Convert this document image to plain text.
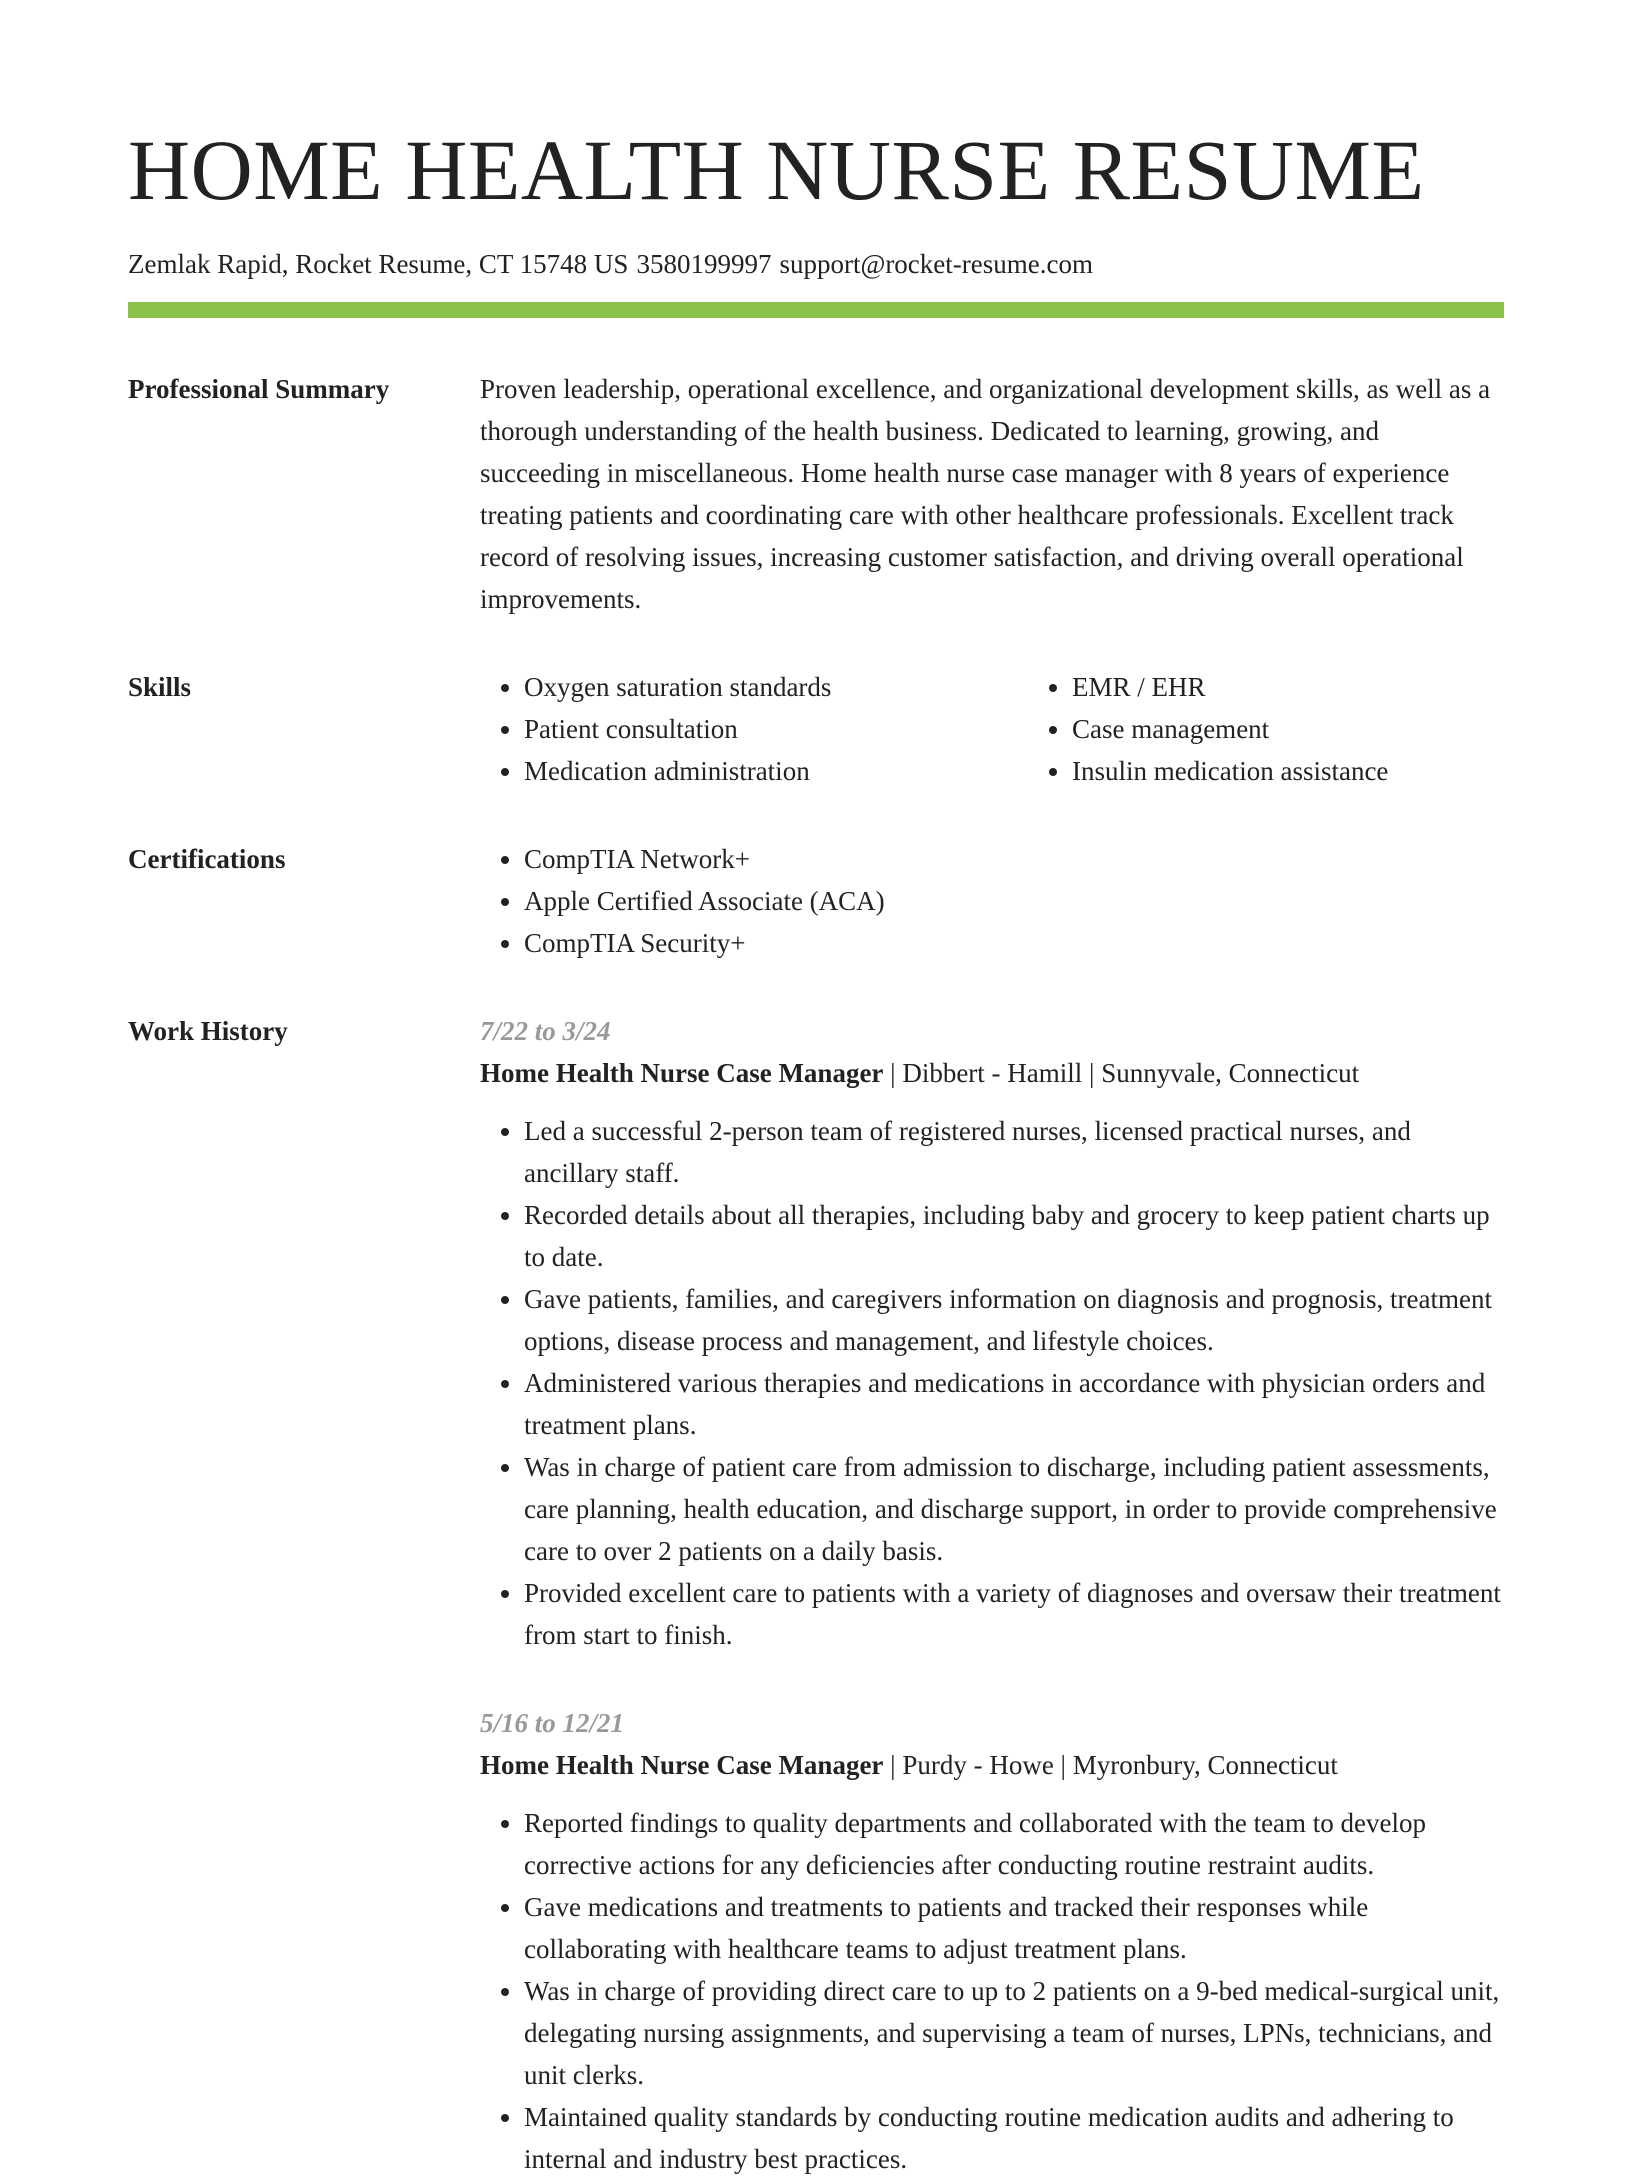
HOME HEALTH NURSE RESUME
Zemlak Rapid, Rocket Resume, CT 15748 US 3580199997 support@rocket-resume.com
Professional Summary	Proven leadership, operational excellence, and organizational development skills, as well as a thorough understanding of the health business. Dedicated to learning, growing, and succeeding in miscellaneous. Home health nurse case manager with 8 years of experience treating patients and coordinating care with other healthcare professionals. Excellent track record of resolving issues, increasing customer satisfaction, and driving overall operational improvements.

Skills	• Oxygen saturation standards
• Patient consultation
• Medication administration
• EMR / EHR
• Case management
• Insulin medication assistance
Certifications	• CompTIA Network+
• Apple Certified Associate (ACA)
• CompTIA Security+
Work History	7/22 to 3/24
Home Health Nurse Case Manager | Dibbert - Hamill | Sunnyvale, Connecticut
• Led a successful 2-person team of registered nurses, licensed practical nurses, and ancillary staff.
• Recorded details about all therapies, including baby and grocery to keep patient charts up to date.
• Gave patients, families, and caregivers information on diagnosis and prognosis, treatment options, disease process and management, and lifestyle choices.
• Administered various therapies and medications in accordance with physician orders and treatment plans.
• Was in charge of patient care from admission to discharge, including patient assessments, care planning, health education, and discharge support, in order to provide comprehensive care to over 2 patients on a daily basis.
• Provided excellent care to patients with a variety of diagnoses and oversaw their treatment from start to finish.
5/16 to 12/21
Home Health Nurse Case Manager | Purdy - Howe | Myronbury, Connecticut
• Reported findings to quality departments and collaborated with the team to develop corrective actions for any deficiencies after conducting routine restraint audits.
• Gave medications and treatments to patients and tracked their responses while collaborating with healthcare teams to adjust treatment plans.
• Was in charge of providing direct care to up to 2 patients on a 9-bed medical-surgical unit, delegating nursing assignments, and supervising a team of nurses, LPNs, technicians, and unit clerks.
• Maintained quality standards by conducting routine medication audits and adhering to internal and industry best practices.
